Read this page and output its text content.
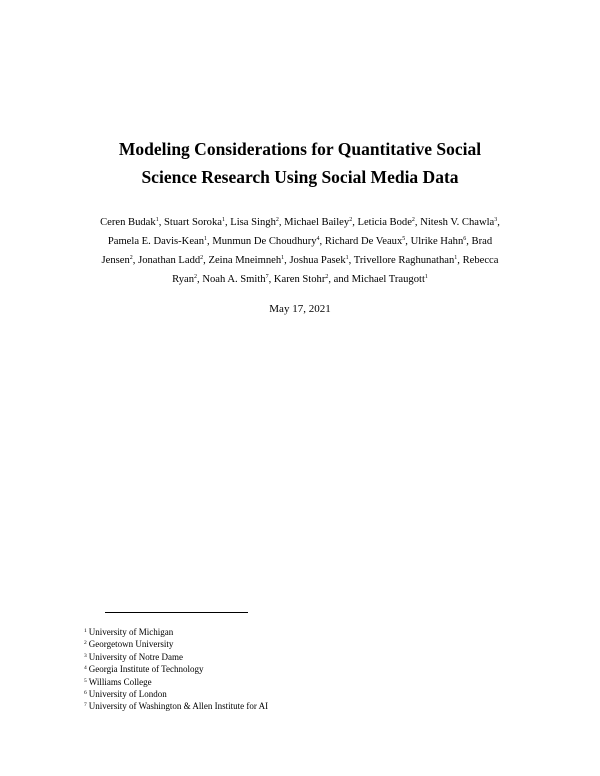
Modeling Considerations for Quantitative Social
Science Research Using Social Media Data
Ceren Budak$^1$, Stuart Soroka$^1$, Lisa Singh$^2$, Michael Bailey$^2$, Leticia Bode$^2$, Nitesh V. Chawla$^3$,
Pamela E. Davis-Kean$^1$, Munmun De Choudhury$^4$, Richard De Veaux$^5$, Ulrike Hahn$^6$, Brad
Jensen$^2$, Jonathan Ladd$^2$, Zeina Mneimneh$^1$, Joshua Pasek$^1$, Trivellore Raghunathan$^1$, Rebecca
Ryan$^2$, Noah A. Smith$^7$, Karen Stohr$^2$, and Michael Traugott$^1$
May 17, 2021
$^1$ University of Michigan
$^2$ Georgetown University
$^3$ University of Notre Dame
$^4$ Georgia Institute of Technology
$^5$ Williams College
$^6$ University of London
$^7$ University of Washington & Allen Institute for AI
